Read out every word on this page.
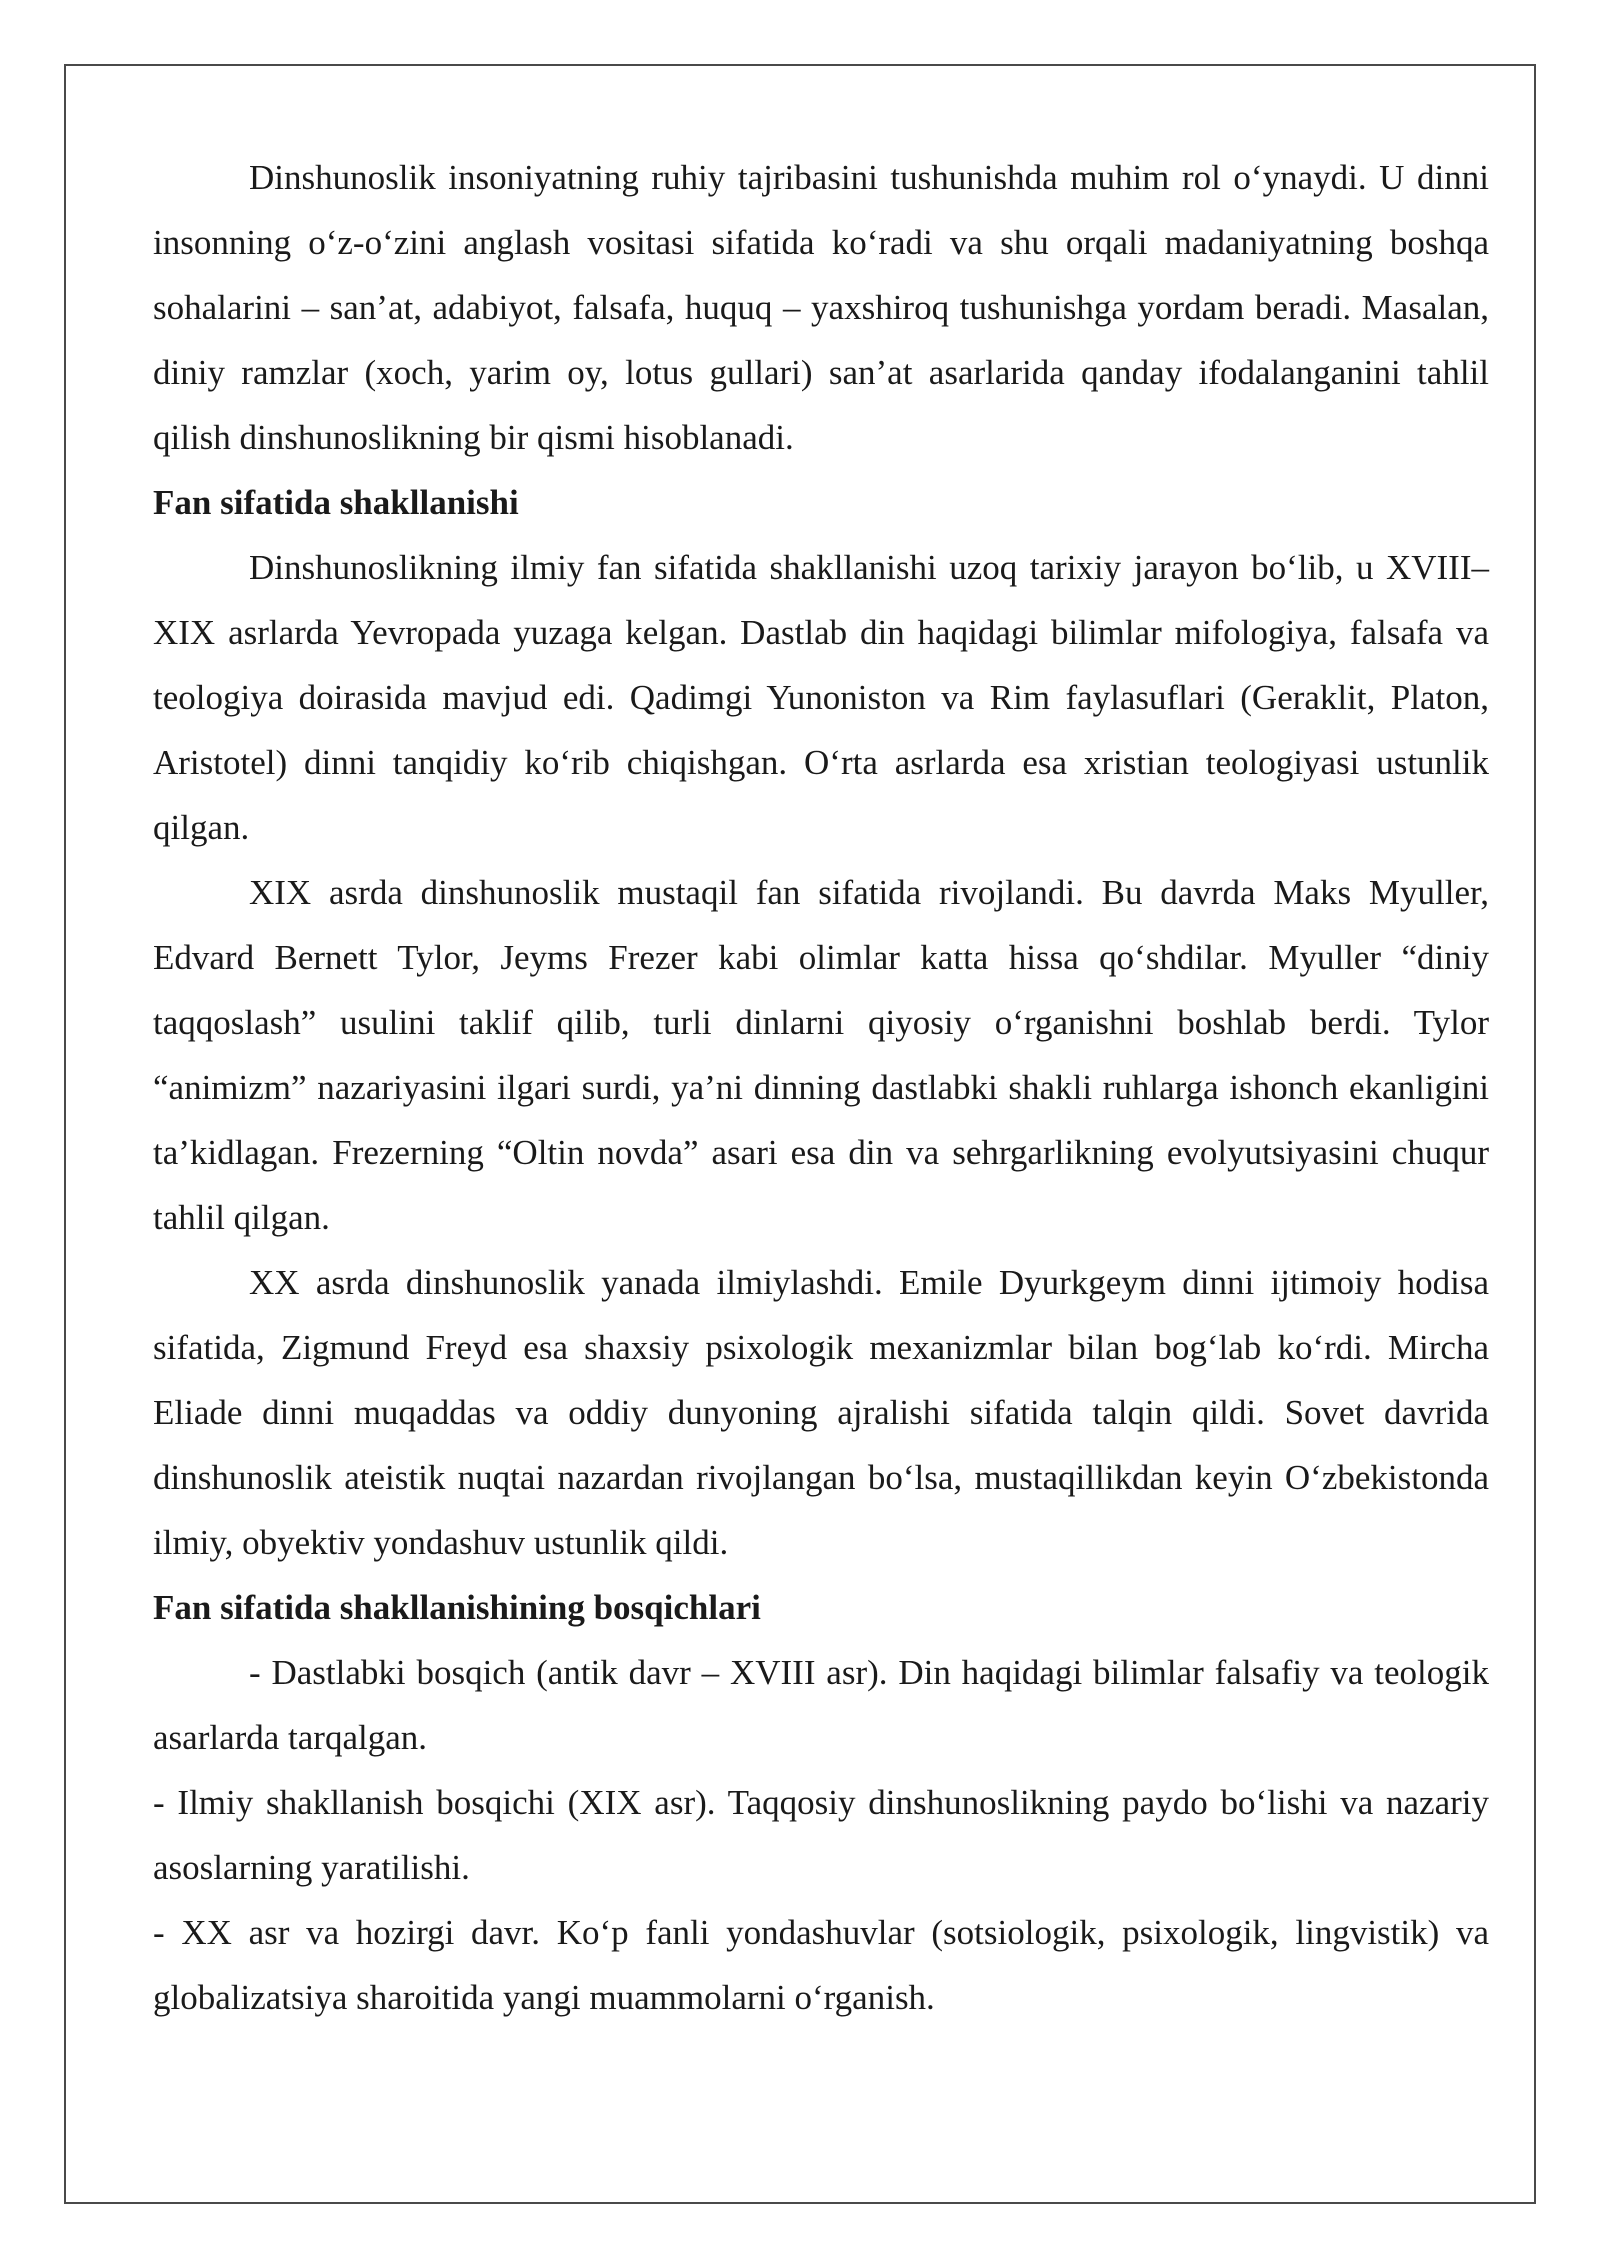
Dinshunoslik insoniyatning ruhiy tajribasini tushunishda muhim rol o‘ynaydi. U dinni insonning o‘z-o‘zini anglash vositasi sifatida ko‘radi va shu orqali madaniyatning boshqa sohalarini – san’at, adabiyot, falsafa, huquq – yaxshiroq tushunishga yordam beradi. Masalan, diniy ramzlar (xoch, yarim oy, lotus gullari) san’at asarlarida qanday ifodalanganini tahlil qilish dinshunoslikning bir qismi hisoblanadi.

Fan sifatida shakllanishi

Dinshunoslikning ilmiy fan sifatida shakllanishi uzoq tarixiy jarayon bo‘lib, u XVIII–XIX asrlarda Yevropada yuzaga kelgan. Dastlab din haqidagi bilimlar mifologiya, falsafa va teologiya doirasida mavjud edi. Qadimgi Yunoniston va Rim faylasuflari (Geraklit, Platon, Aristotel) dinni tanqidiy ko‘rib chiqishgan. O‘rta asrlarda esa xristian teologiyasi ustunlik qilgan.

XIX asrda dinshunoslik mustaqil fan sifatida rivojlandi. Bu davrda Maks Myuller, Edvard Bernett Tylor, Jeyms Frezer kabi olimlar katta hissa qo‘shdilar. Myuller “diniy taqqoslash” usulini taklif qilib, turli dinlarni qiyosiy o‘rganishni boshlab berdi. Tylor “animizm” nazariyasini ilgari surdi, ya’ni dinning dastlabki shakli ruhlarga ishonch ekanligini ta’kidlagan. Frezerning “Oltin novda” asari esa din va sehrgarlikning evolyutsiyasini chuqur tahlil qilgan.

XX asrda dinshunoslik yanada ilmiylashdi. Emile Dyurkgeym dinni ijtimoiy hodisa sifatida, Zigmund Freyd esa shaxsiy psixologik mexanizmlar bilan bog‘lab ko‘rdi. Mircha Eliade dinni muqaddas va oddiy dunyoning ajralishi sifatida talqin qildi. Sovet davrida dinshunoslik ateistik nuqtai nazardan rivojlangan bo‘lsa, mustaqillikdan keyin O‘zbekistonda ilmiy, obyektiv yondashuv ustunlik qildi.

Fan sifatida shakllanishining bosqichlari

- Dastlabki bosqich (antik davr – XVIII asr). Din haqidagi bilimlar falsafiy va teologik asarlarda tarqalgan.

- Ilmiy shakllanish bosqichi (XIX asr). Taqqosiy dinshunoslikning paydo bo‘lishi va nazariy asoslarning yaratilishi.

- XX asr va hozirgi davr. Ko‘p fanli yondashuvlar (sotsiologik, psixologik, lingvistik) va globalizatsiya sharoitida yangi muammolarni o‘rganish.
